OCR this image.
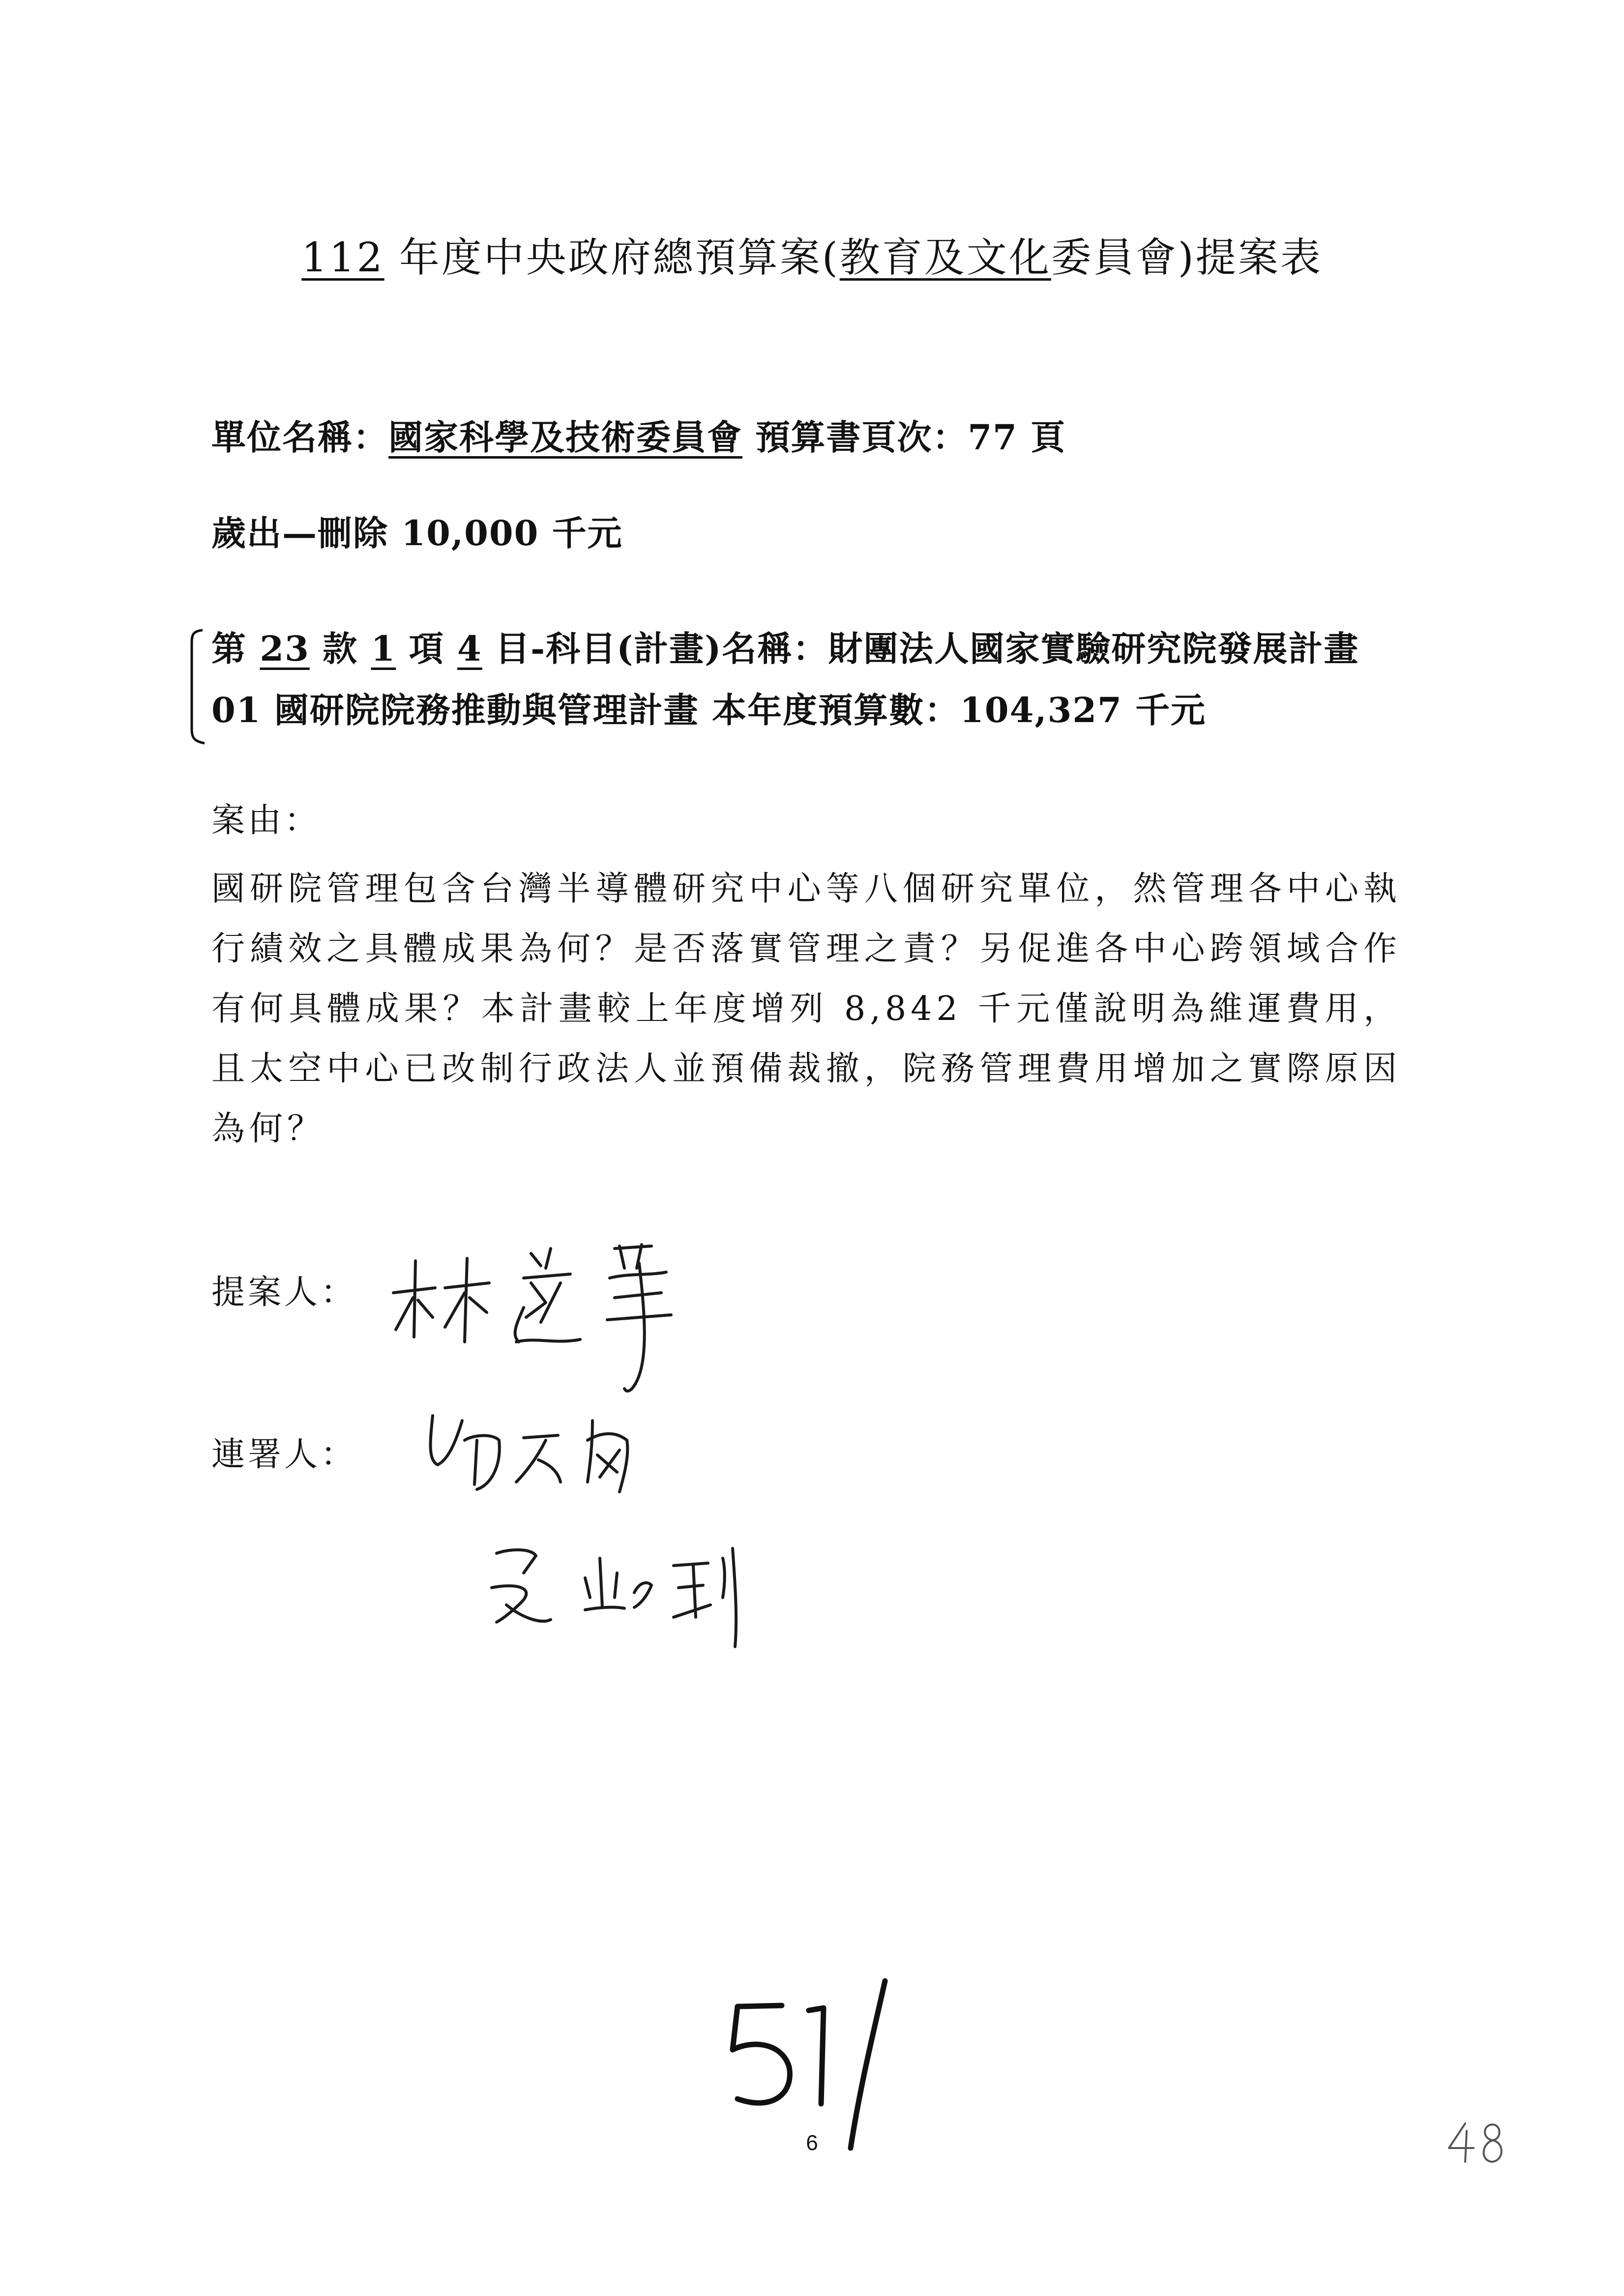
112 年度中央政府總預算案(教育及文化委員會)提案表
單位名稱：國家科學及技術委員會 預算書頁次：77 頁
歲出—刪除 10,000 千元
第 23 款 1 項 4 目-科目(計畫)名稱：財團法人國家實驗研究院發展計畫
01 國研院院務推動與管理計畫 本年度預算數：104,327 千元
案由：
國研院管理包含台灣半導體研究中心等八個研究單位，然管理各中心執行績效之具體成果為何？是否落實管理之責？另促進各中心跨領域合作有何具體成果？本計畫較上年度增列 8,842 千元僅說明為維運費用，且太空中心已改制行政法人並預備裁撤，院務管理費用增加之實際原因為何？
提案人：
連署人：
6
